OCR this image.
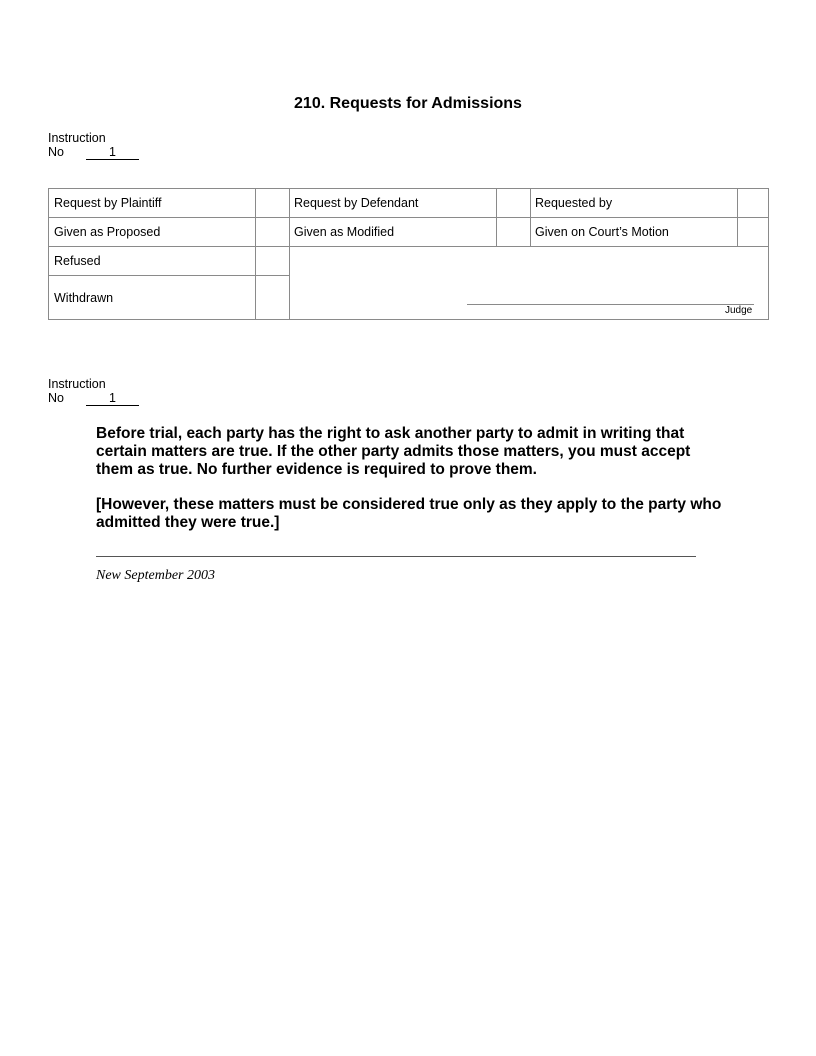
210. Requests for Admissions
Instruction
No	1
Request by Plaintiff	Request by Defendant	Requested by
Given as Proposed	Given as Modified	Given on Court’s Motion
Refused
Withdrawn
Judge
Instruction
No	1
Before trial, each party has the right to ask another party to admit in writing that certain matters are true. If the other party admits those matters, you must accept them as true. No further evidence is required to prove them.
[However, these matters must be considered true only as they apply to the party who admitted they were true.]
New September 2003
